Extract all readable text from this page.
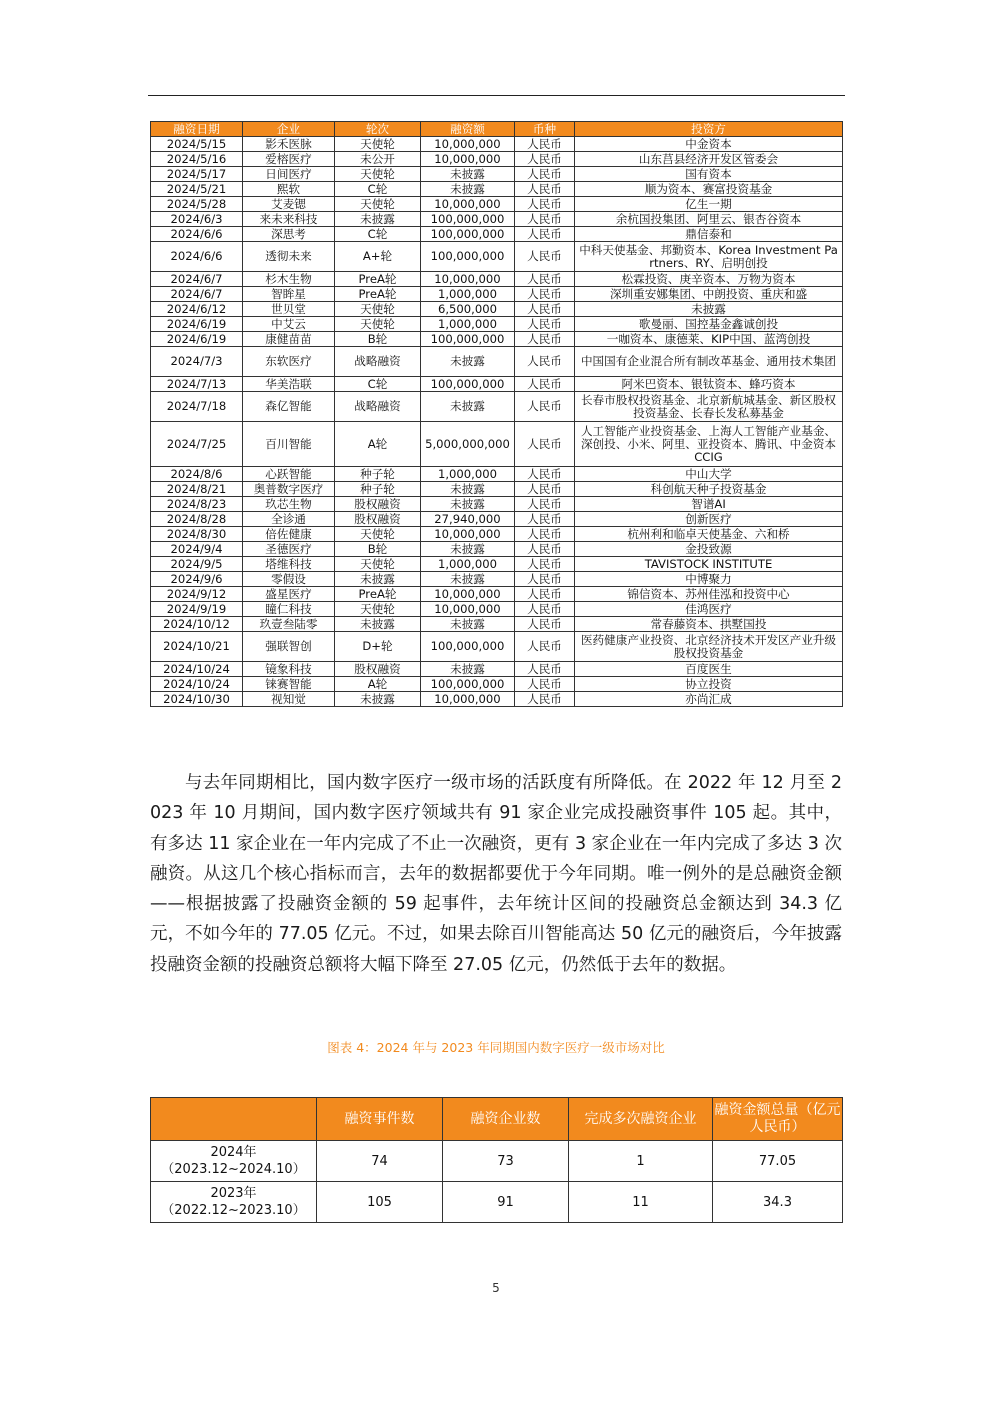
融资日期	企业	轮次	融资额	币种	投资方
2024/5/15	影禾医脉	天使轮	10,000,000	人民币	中金资本
2024/5/16	爱榕医疗	未公开	10,000,000	人民币	山东莒县经济开发区管委会
2024/5/17	日间医疗	天使轮	未披露	人民币	国有资本
2024/5/21	熙软	C轮	未披露	人民币	顺为资本、赛富投资基金
2024/5/28	艾麦锶	天使轮	10,000,000	人民币	亿生一期
2024/6/3	来未来科技	未披露	100,000,000	人民币	余杭国投集团、阿里云、银杏谷资本
2024/6/6	深思考	C轮	100,000,000	人民币	鼎信泰和
2024/6/6	透彻未来	A+轮	100,000,000	人民币	中科天使基金、邦勤资本、Korea Investment Partners、RY、启明创投
2024/6/7	杉木生物	PreA轮	10,000,000	人民币	松霖投资、庚辛资本、万物为资本
2024/6/7	智眸星	PreA轮	1,000,000	人民币	深圳重安娜集团、中朗投资、重庆和盛
2024/6/12	世贝堂	天使轮	6,500,000	人民币	未披露
2024/6/19	中艾云	天使轮	1,000,000	人民币	歌曼丽、国控基金鑫诚创投
2024/6/19	康健苗苗	B轮	100,000,000	人民币	一咖资本、康德莱、KIP中国、蓝湾创投
2024/7/3	东软医疗	战略融资	未披露	人民币	中国国有企业混合所有制改革基金、通用技术集团
2024/7/13	华美浩联	C轮	100,000,000	人民币	阿米巴资本、银钛资本、蜂巧资本
2024/7/18	森亿智能	战略融资	未披露	人民币	长春市股权投资基金、北京新航城基金、新区股权投资基金、长春长发私募基金
2024/7/25	百川智能	A轮	5,000,000,000	人民币	人工智能产业投资基金、上海人工智能产业基金、深创投、小米、阿里、亚投资本、腾讯、中金资本CCIG
2024/8/6	心跃智能	种子轮	1,000,000	人民币	中山大学
2024/8/21	奥普数字医疗	种子轮	未披露	人民币	科创航天种子投资基金
2024/8/23	玖芯生物	股权融资	未披露	人民币	智谱AI
2024/8/28	全诊通	股权融资	27,940,000	人民币	创新医疗
2024/8/30	倍佐健康	天使轮	10,000,000	人民币	杭州利和临卓天使基金、六和桥
2024/9/4	圣德医疗	B轮	未披露	人民币	金投致源
2024/9/5	塔维科技	天使轮	1,000,000	人民币	TAVISTOCK INSTITUTE
2024/9/6	零假设	未披露	未披露	人民币	中博聚力
2024/9/12	盛星医疗	PreA轮	10,000,000	人民币	锦信资本、苏州佳泓和投资中心
2024/9/19	瞳仁科技	天使轮	10,000,000	人民币	佳鸿医疗
2024/10/12	玖壹叁陆零	未披露	未披露	人民币	常春藤资本、拱墅国投
2024/10/21	强联智创	D+轮	100,000,000	人民币	医药健康产业投资、北京经济技术开发区产业升级股权投资基金
2024/10/24	镜象科技	股权融资	未披露	人民币	百度医生
2024/10/24	铼赛智能	A轮	100,000,000	人民币	协立投资
2024/10/30	视知觉	未披露	10,000,000	人民币	亦尚汇成

与去年同期相比，国内数字医疗一级市场的活跃度有所降低。在 2022 年 12 月至 2023 年 10 月期间，国内数字医疗领域共有 91 家企业完成投融资事件 105 起。其中，有多达 11 家企业在一年内完成了不止一次融资，更有 3 家企业在一年内完成了多达 3 次融资。从这几个核心指标而言，去年的数据都要优于今年同期。唯一例外的是总融资金额——根据披露了投融资金额的 59 起事件，去年统计区间的投融资总金额达到 34.3 亿元，不如今年的 77.05 亿元。不过，如果去除百川智能高达 50 亿元的融资后，今年披露投融资金额的投融资总额将大幅下降至 27.05 亿元，仍然低于去年的数据。

图表 4：2024 年与 2023 年同期国内数字医疗一级市场对比
	融资事件数	融资企业数	完成多次融资企业	融资金额总量（亿元人民币）

2024年
（2023.12~2024.10）	74	73	1	77.05

2023年
（2022.12~2023.10）	105	91	11	34.3
5
